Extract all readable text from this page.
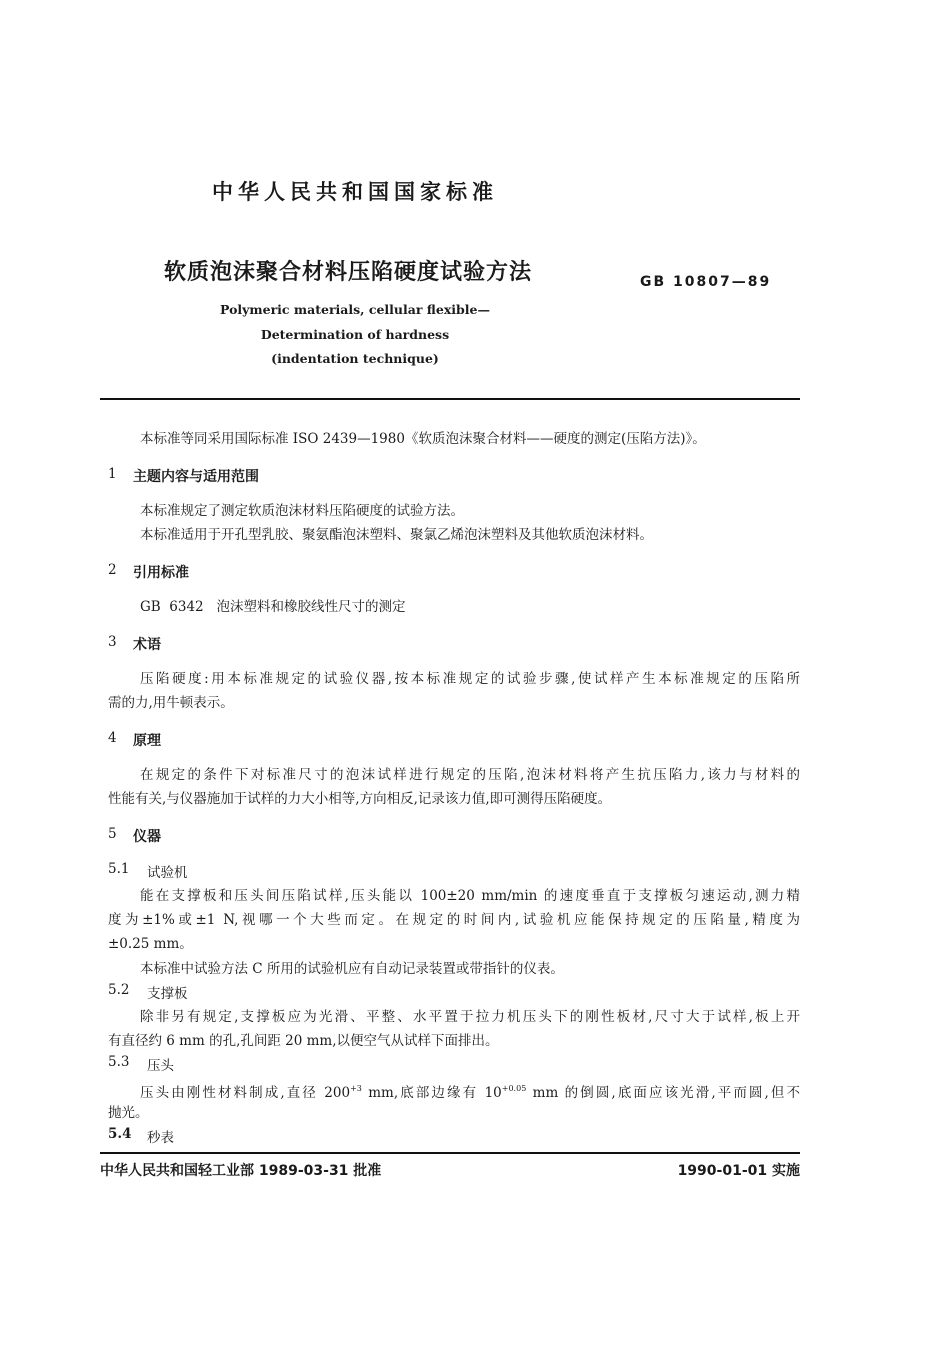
中华人民共和国国家标准
软质泡沫聚合材料压陷硬度试验方法	GB 10807—89
Polymeric materials, cellular flexible—
Determination of hardness
(indentation technique)
本标准等同采用国际标准 ISO 2439—1980《软质泡沫聚合材料——硬度的测定(压陷方法)》。
1 主题内容与适用范围
本标准规定了测定软质泡沫材料压陷硬度的试验方法。
本标准适用于开孔型乳胶、聚氨酯泡沫塑料、聚氯乙烯泡沫塑料及其他软质泡沫材料。
2 引用标准
GB  6342   泡沫塑料和橡胶线性尺寸的测定
3 术语
压陷硬度:用本标准规定的试验仪器,按本标准规定的试验步骤,使试样产生本标准规定的压陷所
需的力,用牛顿表示。
4 原理
在规定的条件下对标准尺寸的泡沫试样进行规定的压陷,泡沫材料将产生抗压陷力,该力与材料的
性能有关,与仪器施加于试样的力大小相等,方向相反,记录该力值,即可测得压陷硬度。
5 仪器
5.1 试验机
能在支撑板和压头间压陷试样,压头能以 100±20 mm/min 的速度垂直于支撑板匀速运动,测力精
度为±1%或±1 N,视哪一个大些而定。在规定的时间内,试验机应能保持规定的压陷量,精度为
±0.25 mm。
本标准中试验方法 C 所用的试验机应有自动记录装置或带指针的仪表。
5.2 支撑板
除非另有规定,支撑板应为光滑、平整、水平置于拉力机压头下的刚性板材,尺寸大于试样,板上开
有直径约 6 mm 的孔,孔间距 20 mm,以便空气从试样下面排出。
5.3 压头
压头由刚性材料制成,直径 $200^{+3}$ mm,底部边缘有 $10^{+0.05}$ mm 的倒圆,底面应该光滑,平而圆,但不
抛光。
5.4 秒表
中华人民共和国轻工业部 1989-03-31 批准	1990-01-01 实施
